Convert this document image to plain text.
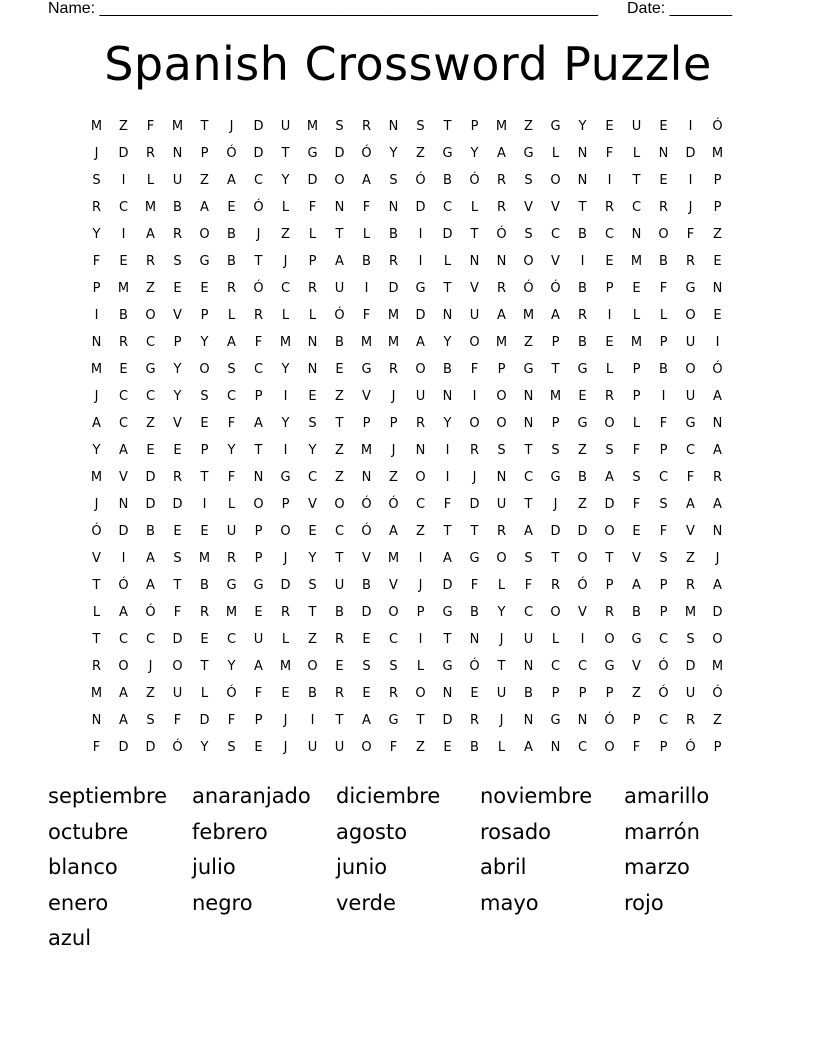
Name: ________________________________________________________ Date: _______
Spanish Crossword Puzzle
M	Z	F	M	T	J	D	U	M	S	R	N	S	T	P	M	Z	G	Y	E	U	E	I	Ó
J	D	R	N	P	Ó	D	T	G	D	Ó	Y	Z	G	Y	A	G	L	N	F	L	N	D	M
S	I	L	U	Z	A	C	Y	D	O	A	S	Ó	B	Ó	R	S	O	N	I	T	E	I	P
R	C	M	B	A	E	Ó	L	F	N	F	N	D	C	L	R	V	V	T	R	C	R	J	P
Y	I	A	R	O	B	J	Z	L	T	L	B	I	D	T	Ó	S	C	B	C	N	O	F	Z
F	E	R	S	G	B	T	J	P	A	B	R	I	L	N	N	O	V	I	E	M	B	R	E
P	M	Z	E	E	R	Ó	C	R	U	I	D	G	T	V	R	Ó	Ó	B	P	E	F	G	N
I	B	O	V	P	L	R	L	L	Ó	F	M	D	N	U	A	M	A	R	I	L	L	O	E
N	R	C	P	Y	A	F	M	N	B	M	M	A	Y	O	M	Z	P	B	E	M	P	U	I
M	E	G	Y	O	S	C	Y	N	E	G	R	O	B	F	P	G	T	G	L	P	B	O	Ó
J	C	C	Y	S	C	P	I	E	Z	V	J	U	N	I	O	N	M	E	R	P	I	U	A
A	C	Z	V	E	F	A	Y	S	T	P	P	R	Y	O	O	N	P	G	O	L	F	G	N
Y	A	E	E	P	Y	T	I	Y	Z	M	J	N	I	R	S	T	S	Z	S	F	P	C	A
M	V	D	R	T	F	N	G	C	Z	N	Z	O	I	J	N	C	G	B	A	S	C	F	R
J	N	D	D	I	L	O	P	V	O	Ó	Ó	C	F	D	U	T	J	Z	D	F	S	A	A
Ó	D	B	E	E	U	P	O	E	C	Ó	A	Z	T	T	R	A	D	D	O	E	F	V	N
V	I	A	S	M	R	P	J	Y	T	V	M	I	A	G	O	S	T	O	T	V	S	Z	J
T	Ó	A	T	B	G	G	D	S	U	B	V	J	D	F	L	F	R	Ó	P	A	P	R	A
L	A	Ó	F	R	M	E	R	T	B	D	O	P	G	B	Y	C	O	V	R	B	P	M	D
T	C	C	D	E	C	U	L	Z	R	E	C	I	T	N	J	U	L	I	O	G	C	S	O
R	O	J	O	T	Y	A	M	O	E	S	S	L	G	Ó	T	N	C	C	G	V	Ó	D	M
M	A	Z	U	L	Ó	F	E	B	R	E	R	O	N	E	U	B	P	P	P	Z	Ó	U	Ó
N	A	S	F	D	F	P	J	I	T	A	G	T	D	R	J	N	G	N	Ó	P	C	R	Z
F	D	D	Ó	Y	S	E	J	U	U	O	F	Z	E	B	L	A	N	C	O	F	P	Ó	P
septiembre	anaranjado	diciembre	noviembre	amarillo
octubre	febrero	agosto	rosado	marrón
blanco	julio	junio	abril	marzo
enero	negro	verde	mayo	rojo
azul
